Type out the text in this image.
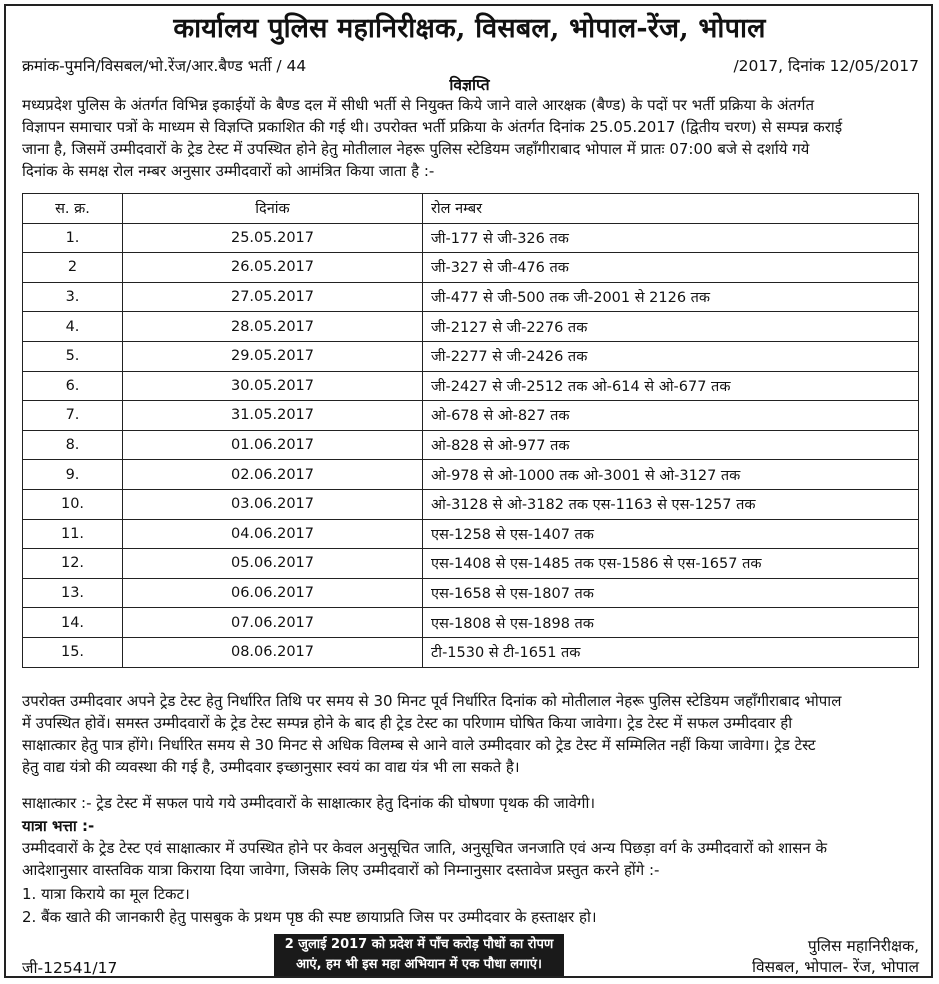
कार्यालय पुलिस महानिरीक्षक, विसबल, भोपाल-रेंज, भोपाल
क्रमांक-पुमनि/विसबल/भो.रेंज/आर.बैण्ड भर्ती / 44	/2017, दिनांक 12/05/2017
विज्ञप्ति
मध्यप्रदेश पुलिस के अंतर्गत विभिन्न इकाईयों के बैण्ड दल में सीधी भर्ती से नियुक्त किये जाने वाले आरक्षक (बैण्ड) के पदों पर भर्ती प्रक्रिया के अंतर्गत
विज्ञापन समाचार पत्रों के माध्यम से विज्ञप्ति प्रकाशित की गई थी। उपरोक्त भर्ती प्रक्रिया के अंतर्गत दिनांक 25.05.2017 (द्वितीय चरण) से सम्पन्न कराई
जाना है, जिसमें उम्मीदवारों के ट्रेड टेस्ट में उपस्थित होने हेतु मोतीलाल नेहरू पुलिस स्टेडियम जहाँगीराबाद भोपाल में प्रातः 07:00 बजे से दर्शाये गये
दिनांक के समक्ष रोल नम्बर अनुसार उम्मीदवारों को आमंत्रित किया जाता है :-
स. क्र.	दिनांक	रोल नम्बर
1.	25.05.2017	जी-177 से जी-326 तक
2	26.05.2017	जी-327 से जी-476 तक
3.	27.05.2017	जी-477 से जी-500 तक जी-2001 से 2126 तक
4.	28.05.2017	जी-2127 से जी-2276 तक
5.	29.05.2017	जी-2277 से जी-2426 तक
6.	30.05.2017	जी-2427 से जी-2512 तक ओ-614 से ओ-677 तक
7.	31.05.2017	ओ-678 से ओ-827 तक
8.	01.06.2017	ओ-828 से ओ-977 तक
9.	02.06.2017	ओ-978 से ओ-1000 तक ओ-3001 से ओ-3127 तक
10.	03.06.2017	ओ-3128 से ओ-3182 तक एस-1163 से एस-1257 तक
11.	04.06.2017	एस-1258 से एस-1407 तक
12.	05.06.2017	एस-1408 से एस-1485 तक एस-1586 से एस-1657 तक
13.	06.06.2017	एस-1658 से एस-1807 तक
14.	07.06.2017	एस-1808 से एस-1898 तक
15.	08.06.2017	टी-1530 से टी-1651 तक
उपरोक्त उम्मीदवार अपने ट्रेड टेस्ट हेतु निर्धारित तिथि पर समय से 30 मिनट पूर्व निर्धारित दिनांक को मोतीलाल नेहरू पुलिस स्टेडियम जहाँगीराबाद भोपाल
में उपस्थित होवें। समस्त उम्मीदवारों के ट्रेड टेस्ट सम्पन्न होने के बाद ही ट्रेड टेस्ट का परिणाम घोषित किया जावेगा। ट्रेड टेस्ट में सफल उम्मीदवार ही
साक्षात्कार हेतु पात्र होंगे। निर्धारित समय से 30 मिनट से अधिक विलम्ब से आने वाले उम्मीदवार को ट्रेड टेस्ट में सम्मिलित नहीं किया जावेगा। ट्रेड टेस्ट
हेतु वाद्य यंत्रो की व्यवस्था की गई है, उम्मीदवार इच्छानुसार स्वयं का वाद्य यंत्र भी ला सकते है।
साक्षात्कार :- ट्रेड टेस्ट में सफल पाये गये उम्मीदवारों के साक्षात्कार हेतु दिनांक की घोषणा पृथक की जावेगी।
यात्रा भत्ता :-
उम्मीदवारों के ट्रेड टेस्ट एवं साक्षात्कार में उपस्थित होने पर केवल अनुसूचित जाति, अनुसूचित जनजाति एवं अन्य पिछड़ा वर्ग के उम्मीदवारों को शासन के
आदेशानुसार वास्तविक यात्रा किराया दिया जावेगा, जिसके लिए उम्मीदवारों को निम्नानुसार दस्तावेज प्रस्तुत करने होंगे :-
1. यात्रा किराये का मूल टिकट।
2. बैंक खाते की जानकारी हेतु पासबुक के प्रथम पृष्ठ की स्पष्ट छायाप्रति जिस पर उम्मीदवार के हस्ताक्षर हो।
जी-12541/17
2 जुलाई 2017 को प्रदेश में पाँच करोड़ पौधों का रोपण
आएं, हम भी इस महा अभियान में एक पौधा लगाएं।
पुलिस महानिरीक्षक,
विसबल, भोपाल- रेंज, भोपाल
